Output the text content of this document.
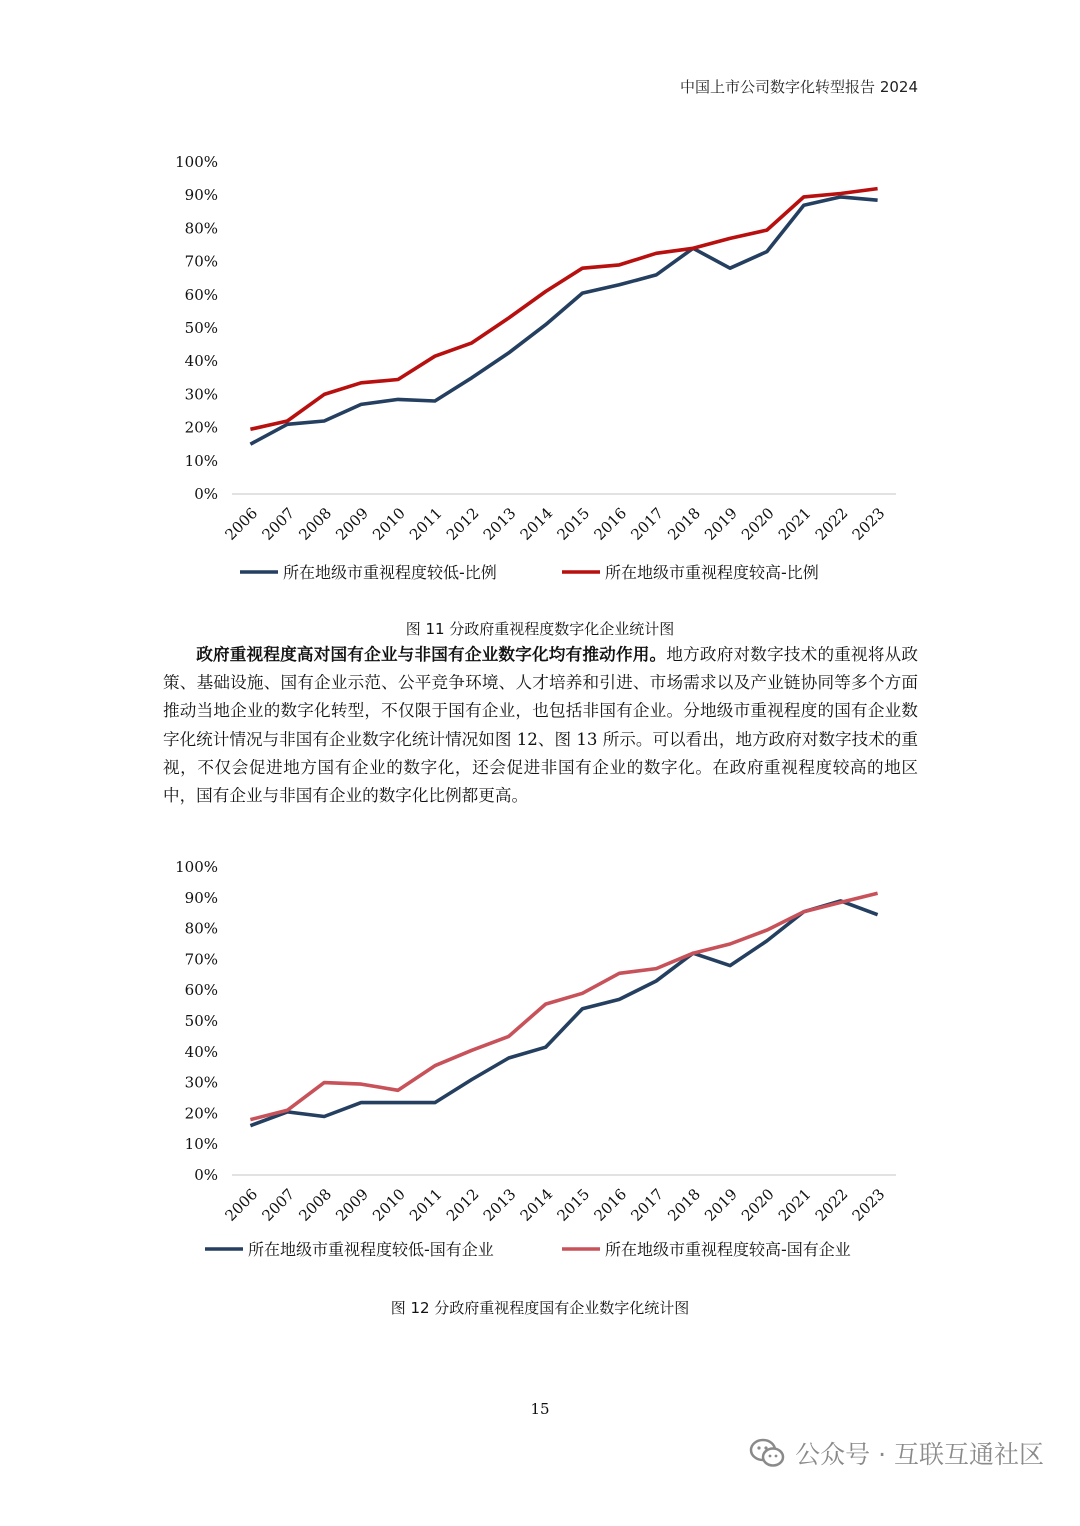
中国上市公司数字化转型报告 2024
0%
10%
20%
30%
40%
50%
60%
70%
80%
90%
100%
2006
2007
2008
2009
2010
2011
2012
2013
2014
2015
2016
2017
2018
2019
2020
2021
2022
2023
所在地级市重视程度较低-比例	所在地级市重视程度较高-比例
图 11 分政府重视程度数字化企业统计图

政府重视程度高对国有企业与非国有企业数字化均有推动作用。地方政府对数字技术的重视将从政策、基础设施、国有企业示范、公平竞争环境、人才培养和引进、市场需求以及产业链协同等多个方面推动当地企业的数字化转型，不仅限于国有企业，也包括非国有企业。分地级市重视程度的国有企业数字化统计情况与非国有企业数字化统计情况如图 12、图 13 所示。可以看出，地方政府对数字技术的重视，不仅会促进地方国有企业的数字化，还会促进非国有企业的数字化。在政府重视程度较高的地区中，国有企业与非国有企业的数字化比例都更高。

0%
10%
20%
30%
40%
50%
60%
70%
80%
90%
100%
2006
2007
2008
2009
2010
2011
2012
2013
2014
2015
2016
2017
2018
2019
2020
2021
2022
2023
所在地级市重视程度较低-国有企业	所在地级市重视程度较高-国有企业
图 12 分政府重视程度国有企业数字化统计图
15
公众号 · 互联互通社区
